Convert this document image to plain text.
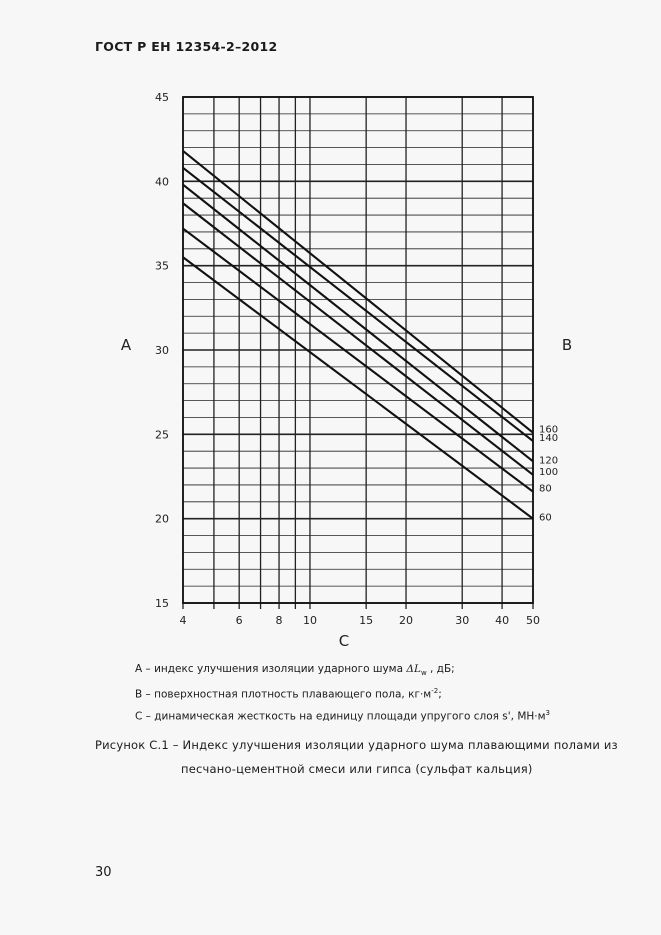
ГОСТ Р ЕН 12354-2–2012
15
20
25
30
35
40
45
4	6	8 10	15 20	30 40 50
A	B
C
160
140
120
100
80
60
A – индекс улучшения изоляции ударного шума $\Delta L_w$ , дБ;
B – поверхностная плотность плавающего пола, $кг\cdot м^{-2}$;
С – динамическая жесткость на единицу площади упругого слоя s', $МН\cdot м^3$
Рисунок С.1 – Индекс улучшения изоляции ударного шума плавающими полами из
песчано-цементной смеси или гипса (сульфат кальция)
30
